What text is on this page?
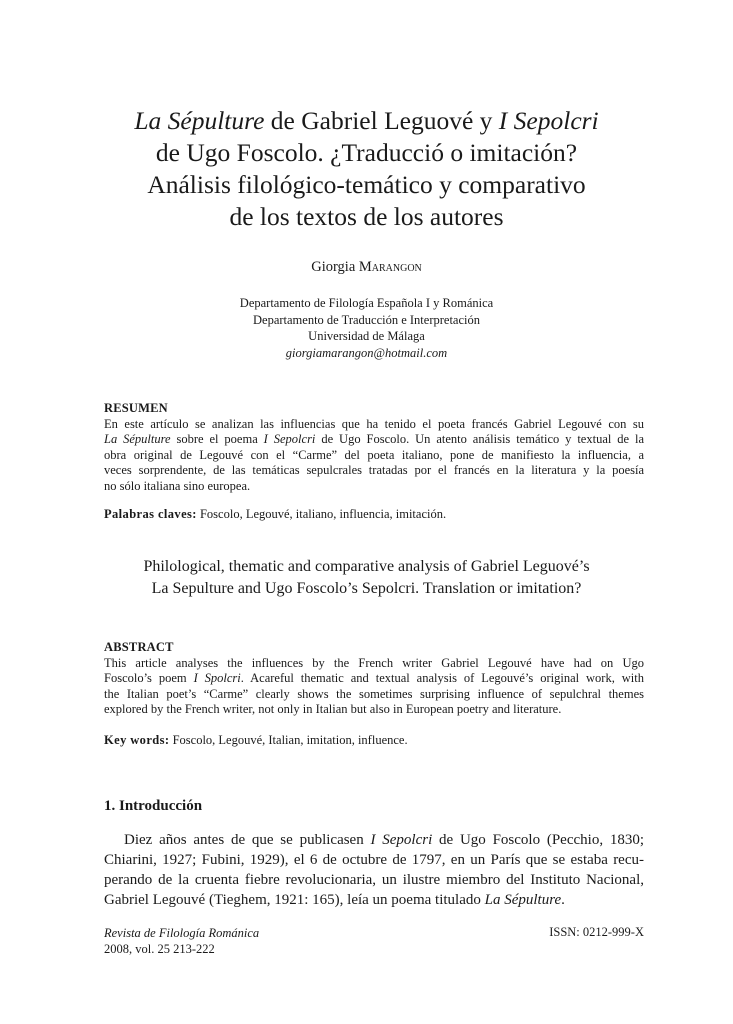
La Sépulture de Gabriel Leguové y I Sepolcri
de Ugo Foscolo. ¿Traducció o imitación?
Análisis filológico-temático y comparativo
de los textos de los autores
Giorgia Marangon
Departamento de Filología Española I y Románica
Departamento de Traducción e Interpretación
Universidad de Málaga
giorgiamarangon@hotmail.com
RESUMEN
En este artículo se analizan las influencias que ha tenido el poeta francés Gabriel Legouvé con su
La Sépulture sobre el poema I Sepolcri de Ugo Foscolo. Un atento análisis temático y textual de la
obra original de Legouvé con el “Carme” del poeta italiano, pone de manifiesto la influencia, a
veces sorprendente, de las temáticas sepulcrales tratadas por el francés en la literatura y la poesía
no sólo italiana sino europea.
Palabras claves: Foscolo, Legouvé, italiano, influencia, imitación.
Philological, thematic and comparative analysis of Gabriel Leguové’s
La Sepulture and Ugo Foscolo’s Sepolcri. Translation or imitation?
ABSTRACT
This article analyses the influences by the French writer Gabriel Legouvé have had on Ugo
Foscolo’s poem I Spolcri. Acareful thematic and textual analysis of Legouvé’s original work, with
the Italian poet’s “Carme” clearly shows the sometimes surprising influence of sepulchral themes
explored by the French writer, not only in Italian but also in European poetry and literature.
Key words: Foscolo, Legouvé, Italian, imitation, influence.
1. Introducción
Diez años antes de que se publicasen I Sepolcri de Ugo Foscolo (Pecchio, 1830;
Chiarini, 1927; Fubini, 1929), el 6 de octubre de 1797, en un París que se estaba recu-
perando de la cruenta fiebre revolucionaria, un ilustre miembro del Instituto Nacional,
Gabriel Legouvé (Tieghem, 1921: 165), leía un poema titulado La Sépulture.
Revista de Filología Románica
2008, vol. 25 213-222
ISSN: 0212-999-X
